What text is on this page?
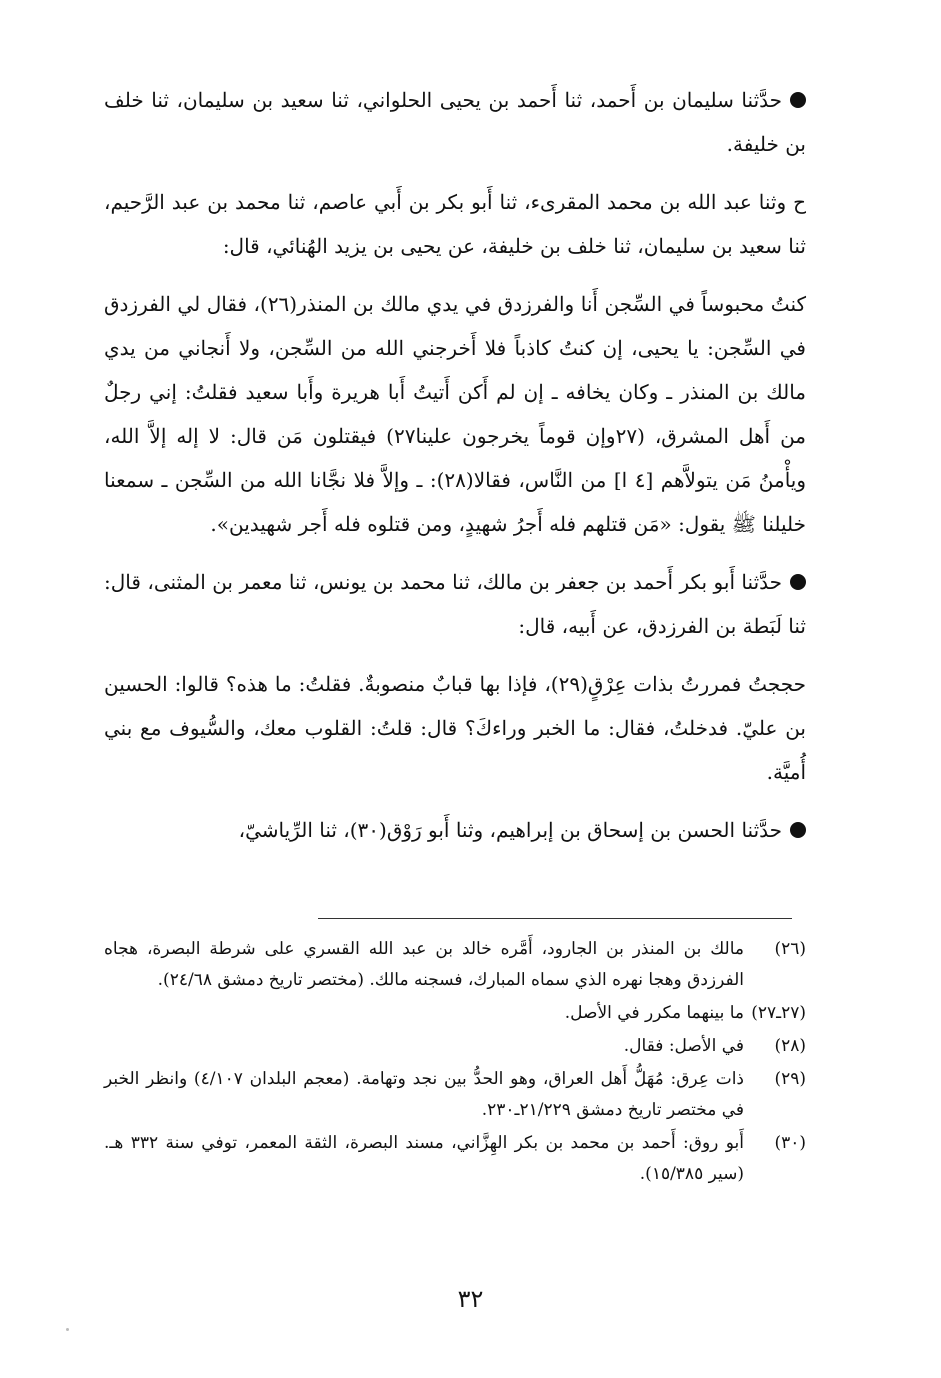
حدَّثنا سليمان بن أَحمد، ثنا أَحمد بن يحيى الحلواني، ثنا سعيد بن سليمان، ثنا خلف بن خليفة.

ح وثنا عبد الله بن محمد المقرىء، ثنا أَبو بكر بن أَبي عاصم، ثنا محمد بن عبد الرَّحيم، ثنا سعيد بن سليمان، ثنا خلف بن خليفة، عن يحيى بن يزيد الهُنائي، قال:

كنتُ محبوساً في السِّجن أَنا والفرزدق في يدي مالك بن المنذر(٢٦)، فقال لي الفرزدق في السِّجن: يا يحيى، إن كنتُ كاذباً فلا أَخرجني الله من السِّجن، ولا أَنجاني من يدي مالك بن المنذر ـ وكان يخافه ـ إن لم أَكن أَتيتُ أَبا هريرة وأَبا سعيد فقلتُ: إني رجلٌ من أَهل المشرق، (٢٧وإن قوماً يخرجون علينا٢٧) فيقتلون مَن قال: لا إله إلاَّ الله، ويأْمنُ مَن يتولاَّهم [٤ ا] من النَّاس، فقالا(٢٨): ـ وإلاَّ فلا نجَّانا الله من السِّجن ـ سمعنا خليلنا ﷺ يقول: «مَن قتلهم فله أَجرُ شهيدٍ، ومن قتلوه فله أَجر شهيدين».

حدَّثنا أَبو بكر أَحمد بن جعفر بن مالك، ثنا محمد بن يونس، ثنا معمر بن المثنى، قال: ثنا لَبَطة بن الفرزدق، عن أَبيه، قال:

حججتُ فمررتُ بذات عِرْقٍ(٢٩)، فإذا بها قبابٌ منصوبةٌ. فقلتُ: ما هذه؟ قالوا: الحسين بن عليّ. فدخلتُ، فقال: ما الخبر وراءكَ؟ قال: قلتُ: القلوب معك، والسُّيوف مع بني أُميَّة.

حدَّثنا الحسن بن إسحاق بن إبراهيم، وثنا أَبو رَوْق(٣٠)، ثنا الرِّياشيّ،

(٢٦)
مالك بن المنذر بن الجارود، أَمَّره خالد بن عبد الله القسري على شرطة البصرة، هجاه الفرزدق وهجا نهره الذي سماه المبارك، فسجنه مالك. (مختصر تاريخ دمشق ٢٤/٦٨).
(٢٧ـ٢٧)
ما بينهما مكرر في الأصل.
(٢٨)
في الأصل: فقال.
(٢٩)
ذات عِرق: مُهَلُّ أَهل العراق، وهو الحدُّ بين نجد وتهامة. (معجم البلدان ٤/١٠٧) وانظر الخبر في مختصر تاريخ دمشق ٢١/٢٢٩ـ٢٣٠.
(٣٠)
أَبو روق: أَحمد بن محمد بن بكر الهِزَّاني، مسند البصرة، الثقة المعمر، توفي سنة ٣٣٢ هـ. (سير ١٥/٣٨٥).
٣٢
